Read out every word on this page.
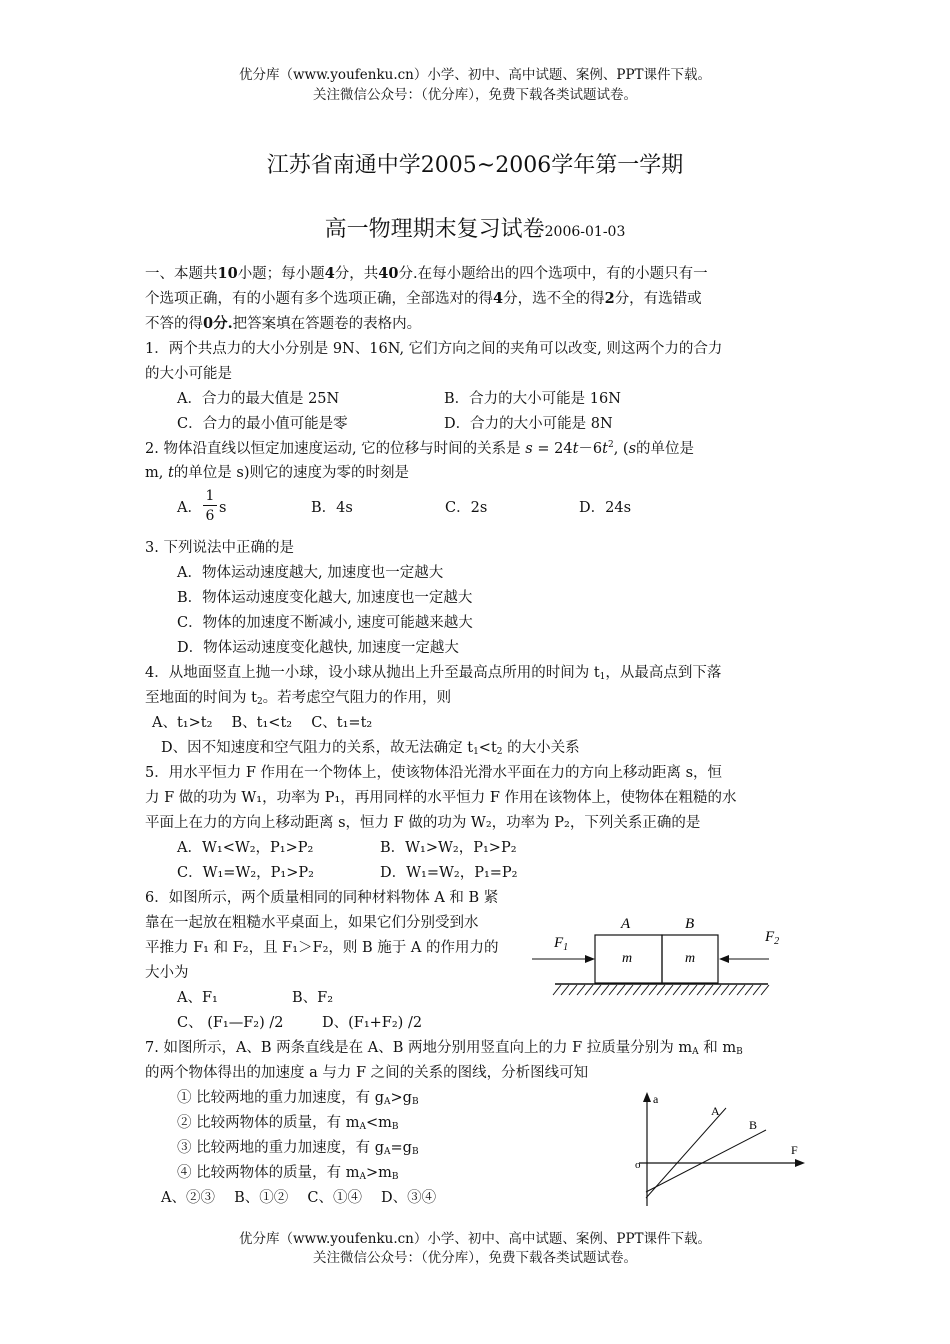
优分库（www.youfenku.cn）小学、初中、高中试题、案例、PPT课件下载。
关注微信公众号：（优分库），免费下载各类试题试卷。
江苏省南通中学2005~2006学年第一学期
高一物理期末复习试卷2006-01-03
一、本题共10小题；每小题4分，共40分.在每小题给出的四个选项中，有的小题只有一
个选项正确，有的小题有多个选项正确，全部选对的得4分，选不全的得2分，有选错或
不答的得0分.把答案填在答题卷的表格内。
1．两个共点力的大小分别是 9N、16N, 它们方向之间的夹角可以改变, 则这两个力的合力
的大小可能是
A．合力的最大值是 25N	B．合力的大小可能是 16N
C．合力的最小值可能是零	D．合力的大小可能是 8N
2. 物体沿直线以恒定加速度运动, 它的位移与时间的关系是 $s = 24t-6t^2$, (s的单位是
m, t的单位是 s)则它的速度为零的时刻是
A．
1
6 s	B．4s	C．2s	D．24s
3. 下列说法中正确的是
A．物体运动速度越大, 加速度也一定越大
B．物体运动速度变化越大, 加速度也一定越大
C．物体的加速度不断减小, 速度可能越来越大
D．物体运动速度变化越快, 加速度一定越大
4．从地面竖直上抛一小球，设小球从抛出上升至最高点所用的时间为 $t_1$，从最高点到下落
至地面的时间为 $t_2$。若考虑空气阻力的作用，则
A、t₁>t₂　 B、t₁<t₂　 C、t₁=t₂
D、因不知速度和空气阻力的关系，故无法确定 $t_1<t_2$ 的大小关系
5．用水平恒力 F 作用在一个物体上，使该物体沿光滑水平面在力的方向上移动距离 s，恒
力 F 做的功为 W₁，功率为 P₁，再用同样的水平恒力 F 作用在该物体上，使物体在粗糙的水
平面上在力的方向上移动距离 s，恒力 F 做的功为 W₂，功率为 P₂，下列关系正确的是
A．W₁<W₂，P₁>P₂	B．W₁>W₂，P₁>P₂
C．W₁=W₂，P₁>P₂	D．W₁=W₂，P₁=P₂
6．如图所示，两个质量相同的同种材料物体 A 和 B 紧
靠在一起放在粗糙水平桌面上，如果它们分别受到水
平推力 F₁ 和 F₂，且 F₁＞F₂，则 B 施于 A 的作用力的
大小为
A、F₁	B、F₂
C、 (F₁—F₂) /2	D、(F₁+F₂) /2
A	B
m	m
$F_1$
$F_2$
7. 如图所示，A、B 两条直线是在 A、B 两地分别用竖直向上的力 F 拉质量分别为 $m_A$ 和 $m_B$
的两个物体得出的加速度 a 与力 F 之间的关系的图线，分析图线可知
① 比较两地的重力加速度，有 $g_A>g_B$
② 比较两物体的质量，有 $m_A<m_B$
③ 比较两地的重力加速度，有 $g_A=g_B$
④ 比较两物体的质量，有 $m_A>m_B$
A、②③　 B、①②　 C、①④　 D、③④
a
F
o
A
B
优分库（www.youfenku.cn）小学、初中、高中试题、案例、PPT课件下载。
关注微信公众号：（优分库），免费下载各类试题试卷。
